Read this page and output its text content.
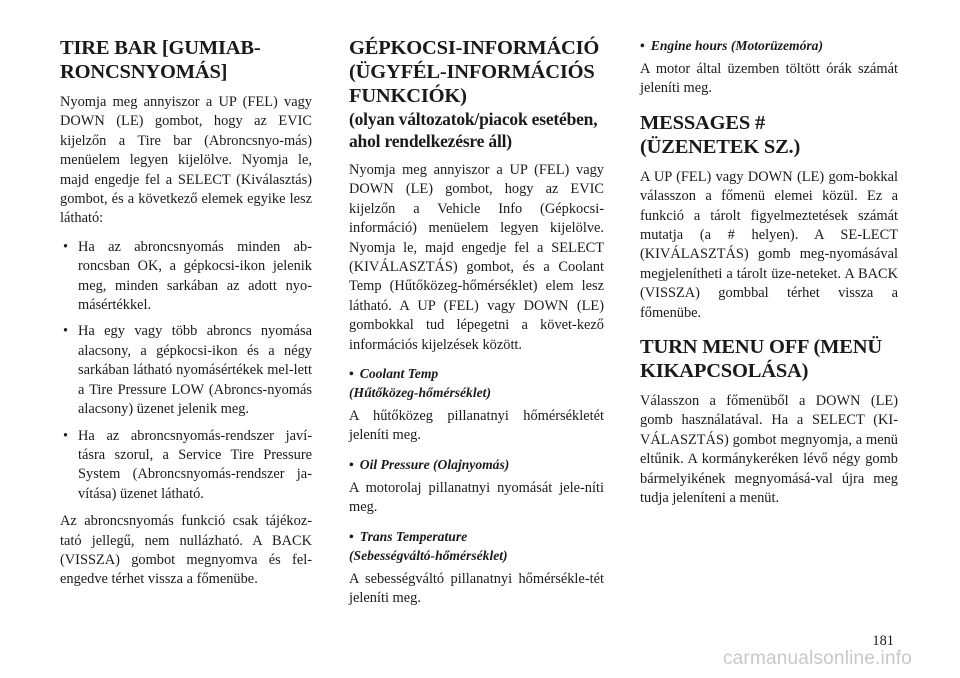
TIRE BAR [GUMIAB-
RONCSNYOMÁS]

Nyomja meg annyiszor a UP (FEL) vagy DOWN (LE) gombot, hogy az EVIC kijelzőn a Tire bar (Abroncsnyo-más) menüelem legyen kijelölve. Nyomja le, majd engedje fel a SELECT (Kiválasztás) gombot, és a következő elemek egyike lesz látható:

• Ha az abroncsnyomás minden ab-roncsban OK, a gépkocsi-ikon jelenik meg, minden sarkában az adott nyo-másértékkel.
• Ha egy vagy több abroncs nyomása alacsony, a gépkocsi-ikon és a négy sarkában látható nyomásértékek mel-lett a Tire Pressure LOW (Abroncs-nyomás alacsony) üzenet jelenik meg.
• Ha az abroncsnyomás-rendszer javí-tásra szorul, a Service Tire Pressure System (Abroncsnyomás-rendszer ja-vítása) üzenet látható.

Az abroncsnyomás funkció csak tájékoz-tató jellegű, nem nullázható. A BACK (VISSZA) gombot megnyomva és fel-engedve térhet vissza a főmenübe.

GÉPKOCSI-INFORMÁCIÓ (ÜGYFÉL-INFORMÁCIÓS FUNKCIÓK)
(olyan változatok/piacok esetében, ahol rendelkezésre áll)

Nyomja meg annyiszor a UP (FEL) vagy DOWN (LE) gombot, hogy az EVIC kijelzőn a Vehicle Info (Gépkocsi-információ) menüelem legyen kijelölve. Nyomja le, majd engedje fel a SELECT (KIVÁLASZTÁS) gombot, és a Coolant Temp (Hűtőközeg-hőmérséklet) elem lesz látható. A UP (FEL) vagy DOWN (LE) gombokkal tud lépegetni a követ-kező információs kijelzések között.

• Coolant Temp
(Hűtőközeg-hőmérséklet)

A hűtőközeg pillanatnyi hőmérsékletét jeleníti meg.

• Oil Pressure (Olajnyomás)

A motorolaj pillanatnyi nyomását jele-níti meg.

• Trans Temperature
(Sebességváltó-hőmérséklet)

A sebességváltó pillanatnyi hőmérsékle-tét jeleníti meg.

• Engine hours (Motorüzemóra)

A motor által üzemben töltött órák számát jeleníti meg.

MESSAGES #
(ÜZENETEK SZ.)

A UP (FEL) vagy DOWN (LE) gom-bokkal válasszon a főmenü elemei közül. Ez a funkció a tárolt figyelmeztetések számát mutatja (a # helyen). A SE-LECT (KIVÁLASZTÁS) gomb meg-nyomásával megjelenítheti a tárolt üze-neteket. A BACK (VISSZA) gombbal térhet vissza a főmenübe.

TURN MENU OFF (MENÜ
KIKAPCSOLÁSA)

Válasszon a főmenüből a DOWN (LE) gomb használatával. Ha a SELECT (KI-VÁLASZTÁS) gombot megnyomja, a menü eltűnik. A kormánykeréken lévő négy gomb bármelyikének megnyomásá-val újra meg tudja jeleníteni a menüt.

181
carmanualsonline.info
